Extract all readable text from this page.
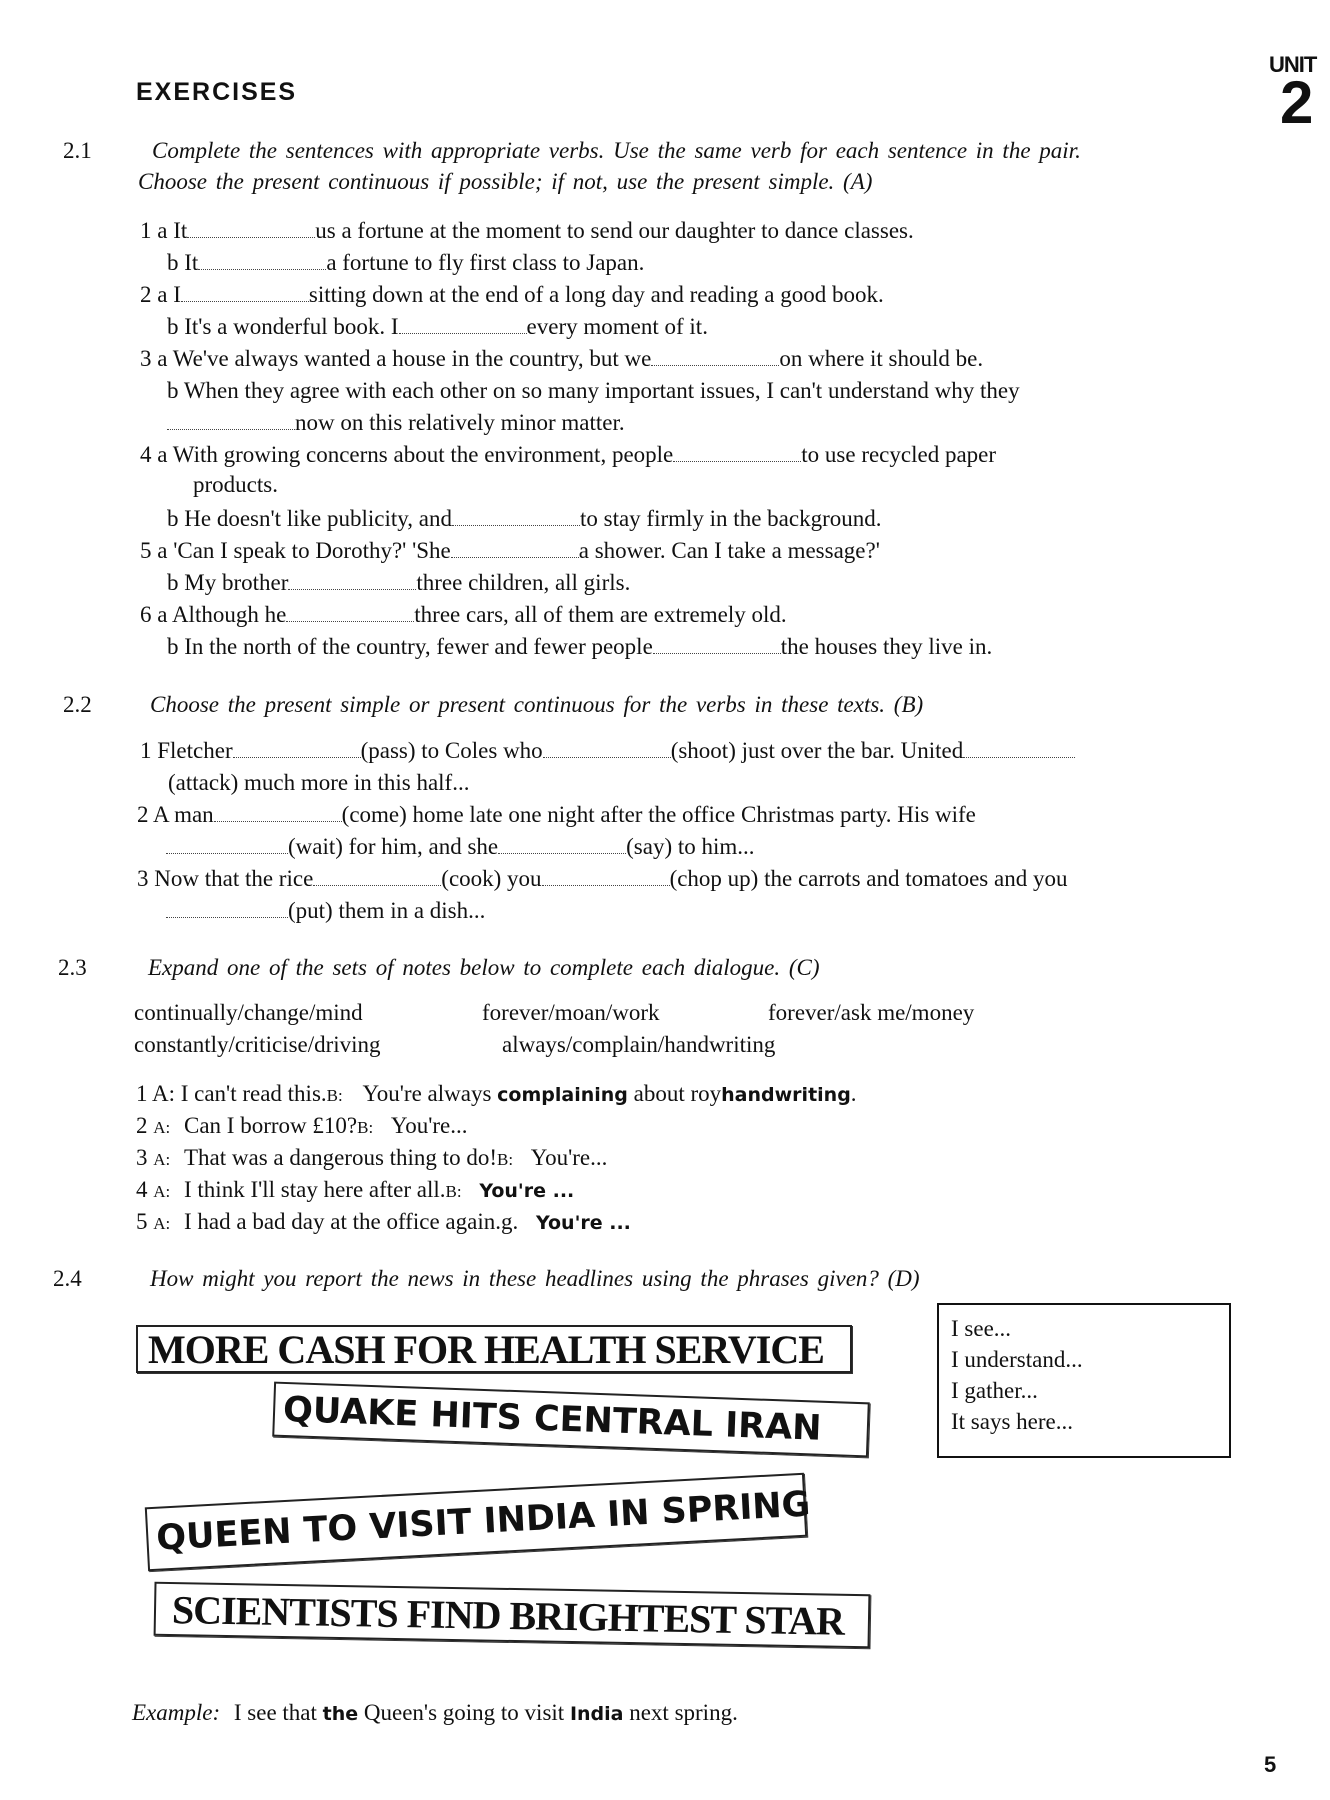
EXERCISES
UNIT
2
2.1	Complete the sentences with appropriate verbs. Use the same verb for each sentence in the pair.
Choose the present continuous if possible; if not, use the present simple. (A)
1 a It	us a fortune at the moment to send our daughter to dance classes.
b It	a fortune to fly first class to Japan.
2 a I	sitting down at the end of a long day and reading a good book.
b It's a wonderful book. I	every moment of it.
3 a We've always wanted a house in the country, but we	on where it should be.
b When they agree with each other on so many important issues, I can't understand why they
now on this relatively minor matter.
4 a With growing concerns about the environment, people	to use recycled paper
products.
b He doesn't like publicity, and	to stay firmly in the background.
5 a 'Can I speak to Dorothy?' 'She	a shower. Can I take a message?'
b My brother	three children, all girls.
6 a Although he	three cars, all of them are extremely old.
b In the north of the country, fewer and fewer people	the houses they live in.
2.2	Choose the present simple or present continuous for the verbs in these texts. (B)
1 Fletcher	(pass) to Coles who	(shoot) just over the bar. United
(attack) much more in this half...
2 A man	(come) home late one night after the office Christmas party. His wife
(wait) for him, and she	(say) to him...
3 Now that the rice	(cook) you	(chop up) the carrots and tomatoes and you
(put) them in a dish...
2.3	Expand one of the sets of notes below to complete each dialogue. (C)
continually/change/mind	forever/moan/work	forever/ask me/money
constantly/criticise/driving	always/complain/handwriting
1 A: I can't read this.B: You're always complaining about royhandwriting.
2 A: Can I borrow £10?B: You're...
3 A: That was a dangerous thing to do!B: You're...
4 A: I think I'll stay here after all.B: You're ...
5 A: I had a bad day at the office again.g. You're ...
2.4	How might you report the news in these headlines using the phrases given? (D)
MORE CASH FOR HEALTH SERVICE
QUAKE HITS CENTRAL IRAN
QUEEN TO VISIT INDIA IN SPRING
SCIENTISTS FIND BRIGHTEST STAR
I see...
I understand...
I gather...
It says here...
Example: I see that the Queen's going to visit India next spring.
5
